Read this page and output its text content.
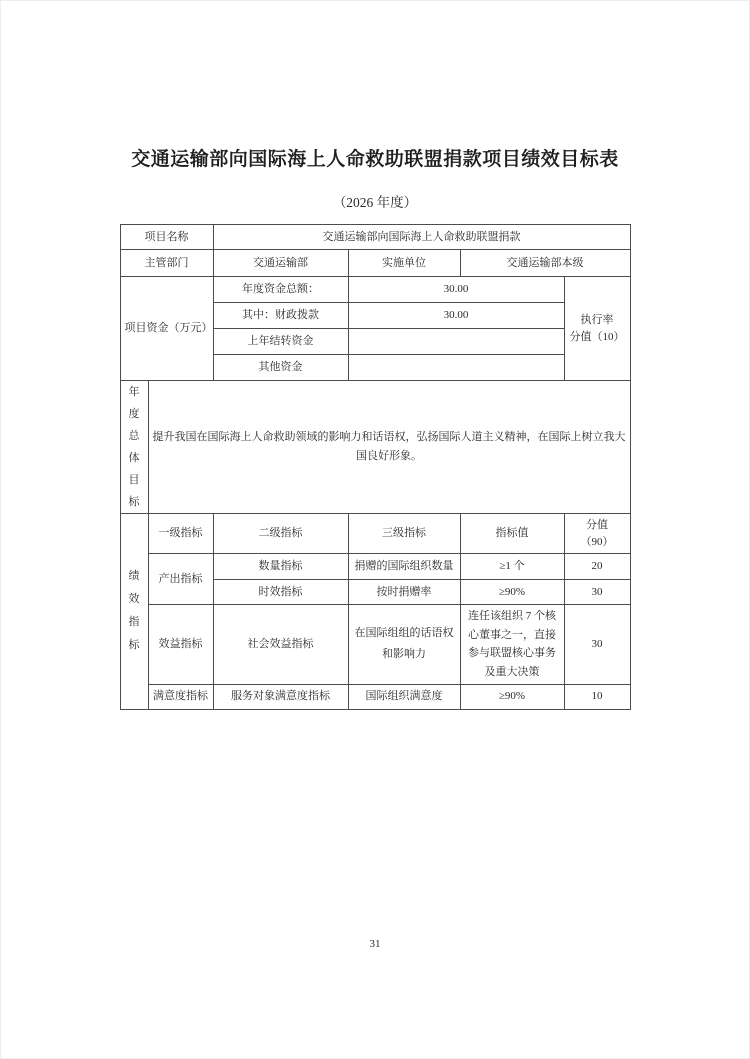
交通运输部向国际海上人命救助联盟捐款项目绩效目标表
（2026 年度）
项目名称		交通运输部向国际海上人命救助联盟捐款			
主管部门		交通运输部	实施单位	交通运输部本级	
项目资金（万元）		年度资金总额：	30.00		执行率
分值（10）

		其中：财政拨款	30.00		
		上年结转资金			
		其他资金			

年度总体目标	提升我国在国际海上人命救助领域的影响力和话语权，弘扬国际人道主义精神，在国际上树立我大国良好形象。				

绩效指标	一级指标	二级指标	三级指标	指标值	分值
（90）

	产出指标	数量指标	捐赠的国际组织数量	≥1 个	20
		时效指标	按时捐赠率	≥90%	30
	效益指标	社会效益指标	在国际组组的话语权和影响力	连任该组织 7 个核心董事之一，直接参与联盟核心事务及重大决策	30
	满意度指标	服务对象满意度指标	国际组织满意度	≥90%	10
31
